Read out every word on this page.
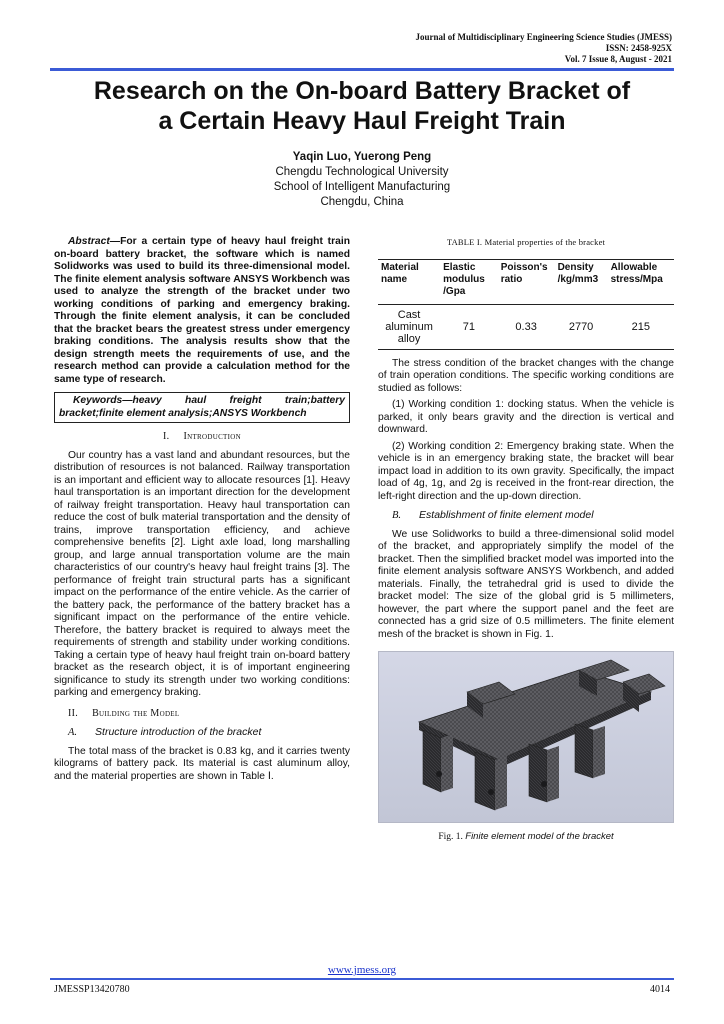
Journal of Multidisciplinary Engineering Science Studies (JMESS)
ISSN: 2458-925X
Vol. 7 Issue 8, August - 2021
Research on the On-board Battery Bracket of
a Certain Heavy Haul Freight Train
Yaqin Luo, Yuerong Peng
Chengdu Technological University
School of Intelligent Manufacturing
Chengdu, China

Abstract—For a certain type of heavy haul freight train on-board battery bracket, the software which is named Solidworks was used to build its three-dimensional model. The finite element analysis software ANSYS Workbench was used to analyze the strength of the bracket under two working conditions of parking and emergency braking. Through the finite element analysis, it can be concluded that the bracket bears the greatest stress under emergency braking conditions. The analysis results show that the design strength meets the requirements of use, and the research method can provide a calculation method for the same type of research.

Keywords—heavy haul freight train;battery bracket;finite element analysis;ANSYS Workbench
I. Introduction

Our country has a vast land and abundant resources, but the distribution of resources is not balanced. Railway transportation is an important and efficient way to allocate resources [1]. Heavy haul transportation is an important direction for the development of railway freight transportation. Heavy haul transportation can reduce the cost of bulk material transportation and the density of trains, improve transportation efficiency, and achieve comprehensive benefits [2]. Light axle load, long marshalling group, and large annual transportation volume are the main characteristics of our country's heavy haul freight trains [3]. The performance of freight train structural parts has a significant impact on the performance of the entire vehicle. As the carrier of the battery pack, the performance of the battery bracket has a significant impact on the performance of the entire vehicle. Therefore, the battery bracket is required to always meet the requirements of strength and stability under working conditions. Taking a certain type of heavy haul freight train on-board battery bracket as the research object, it is of important engineering significance to study its strength under two working conditions: parking and emergency braking.

II. Building the Model
A. Structure introduction of the bracket

The total mass of the bracket is 0.83 kg, and it carries twenty kilograms of battery pack. Its material is cast aluminum alloy, and the material properties are shown in Table Ⅰ.

TABLE I. Material properties of the bracket
Material name	Elastic modulus /Gpa	Poisson's ratio	Density /kg/mm3	Allowable stress/Mpa
Cast aluminum alloy	71	0.33	2770	215

The stress condition of the bracket changes with the change of train operation conditions. The specific working conditions are studied as follows:

(1) Working condition 1: docking status. When the vehicle is parked, it only bears gravity and the direction is vertical and downward.

(2) Working condition 2: Emergency braking state. When the vehicle is in an emergency braking state, the bracket will bear impact load in addition to its own gravity. Specifically, the impact load of 4g, 1g, and 2g is received in the front-rear direction, the left-right direction and the up-down direction.

B. Establishment of finite element model

We use Solidworks to build a three-dimensional solid model of the bracket, and appropriately simplify the model of the bracket. Then the simplified bracket model was imported into the finite element analysis software ANSYS Workbench, and added materials. Finally, the tetrahedral grid is used to divide the bracket model: The size of the global grid is 5 millimeters, however, the part where the support panel and the feet are connected has a grid size of 0.5 millimeters. The finite element mesh of the bracket is shown in Fig. 1.

Fig. 1. Finite element model of the bracket
www.jmess.org
JMESSP13420780	4014
